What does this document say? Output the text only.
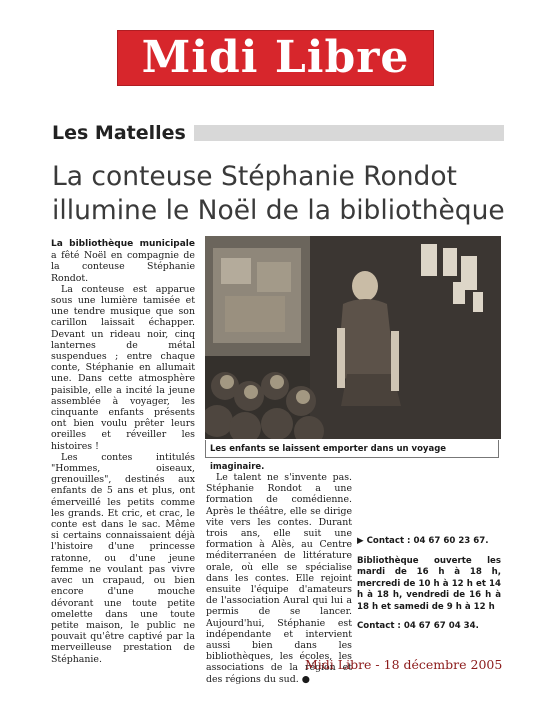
Midi Libre
Les Matelles
La conteuse Stéphanie Rondot
illumine le Noël de la bibliothèque

La bibliothèque municipale a fêté Noël en compagnie de la conteuse Stéphanie Rondot.

La conteuse est apparue sous une lumière tamisée et une tendre musique que son carillon laissait échapper. Devant un rideau noir, cinq lanternes de métal suspendues ; entre chaque conte, Stéphanie en allumait une. Dans cette atmosphère paisible, elle a incité la jeune assemblée à voyager, les cinquante enfants présents ont bien voulu prêter leurs oreilles et réveiller les histoires !

Les contes intitulés "Hommes, oiseaux, grenouilles", destinés aux enfants de 5 ans et plus, ont émerveillé les petits comme les grands. Et cric, et crac, le conte est dans le sac. Même si certains connaissaient déjà l'histoire d'une princesse ratonne, ou d'une jeune femme ne voulant pas vivre avec un crapaud, ou bien encore d'une mouche dévorant une toute petite omelette dans une toute petite maison, le public ne pouvait qu'être captivé par la merveilleuse prestation de Stéphanie.

Les enfants se laissent emporter dans un voyage imaginaire.

Le talent ne s'invente pas. Stéphanie Rondot a une formation de comédienne. Après le théâtre, elle se dirige vite vers les contes. Durant trois ans, elle suit une formation à Alès, au Centre méditerranéen de littérature orale, où elle se spécialise dans les contes. Elle rejoint ensuite l'équipe d'amateurs de l'association Aural qui lui a permis de se lancer. Aujourd'hui, Stéphanie est indépendante et intervient aussi bien dans les bibliothèques, les écoles, les associations de la région et des régions du sud. ●

▶ Contact : 04 67 60 23 67.

Bibliothèque ouverte les mardi de 16 h à 18 h, mercredi de 10 h à 12 h et 14 h à 18 h, vendredi de 16 h à 18 h et samedi de 9 h à 12 h

Contact : 04 67 67 04 34.

Midi Libre - 18 décembre 2005
